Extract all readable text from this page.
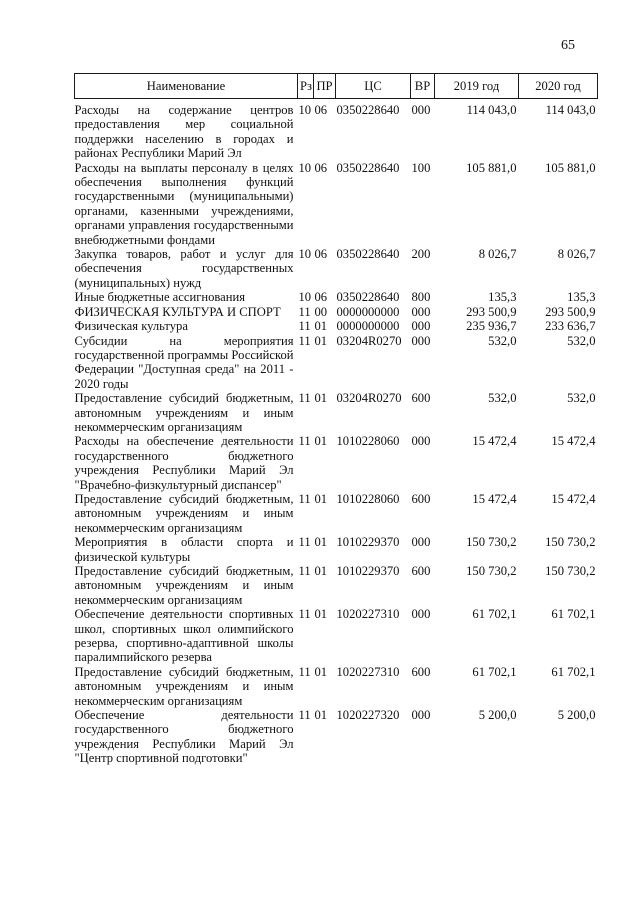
65
Наименование	Рз	ПР	ЦС	ВР	2019 год	2020 год
Расходы на содержание центров предоставления мер социальной поддержки населению в городах и районах Республики Марий Эл	10	06	0350228640	000	114 043,0	114 043,0
Расходы на выплаты персоналу в целях обеспечения выполнения функций государственными (муниципальными) органами, казенными учреждениями, органами управления государственными внебюджетными фондами	10	06	0350228640	100	105 881,0	105 881,0
Закупка товаров, работ и услуг для обеспечения государственных (муниципальных) нужд	10	06	0350228640	200	8 026,7	8 026,7
Иные бюджетные ассигнования	10	06	0350228640	800	135,3	135,3
ФИЗИЧЕСКАЯ КУЛЬТУРА И СПОРТ	11	00	0000000000	000	293 500,9	293 500,9
Физическая культура	11	01	0000000000	000	235 936,7	233 636,7
Субсидии на мероприятия государственной программы Российской Федерации "Доступная среда" на 2011 - 2020 годы	11	01	03204R0270	000	532,0	532,0
Предоставление субсидий бюджетным, автономным учреждениям и иным некоммерческим организациям	11	01	03204R0270	600	532,0	532,0
Расходы на обеспечение деятельности государственного бюджетного учреждения Республики Марий Эл "Врачебно-физкультурный диспансер"	11	01	1010228060	000	15 472,4	15 472,4
Предоставление субсидий бюджетным, автономным учреждениям и иным некоммерческим организациям	11	01	1010228060	600	15 472,4	15 472,4
Мероприятия в области спорта и физической культуры	11	01	1010229370	000	150 730,2	150 730,2
Предоставление субсидий бюджетным, автономным учреждениям и иным некоммерческим организациям	11	01	1010229370	600	150 730,2	150 730,2
Обеспечение деятельности спортивных школ, спортивных школ олимпийского резерва, спортивно-адаптивной школы паралимпийского резерва	11	01	1020227310	000	61 702,1	61 702,1
Предоставление субсидий бюджетным, автономным учреждениям и иным некоммерческим организациям	11	01	1020227310	600	61 702,1	61 702,1
Обеспечение деятельности государственного бюджетного учреждения Республики Марий Эл "Центр спортивной подготовки"	11	01	1020227320	000	5 200,0	5 200,0
